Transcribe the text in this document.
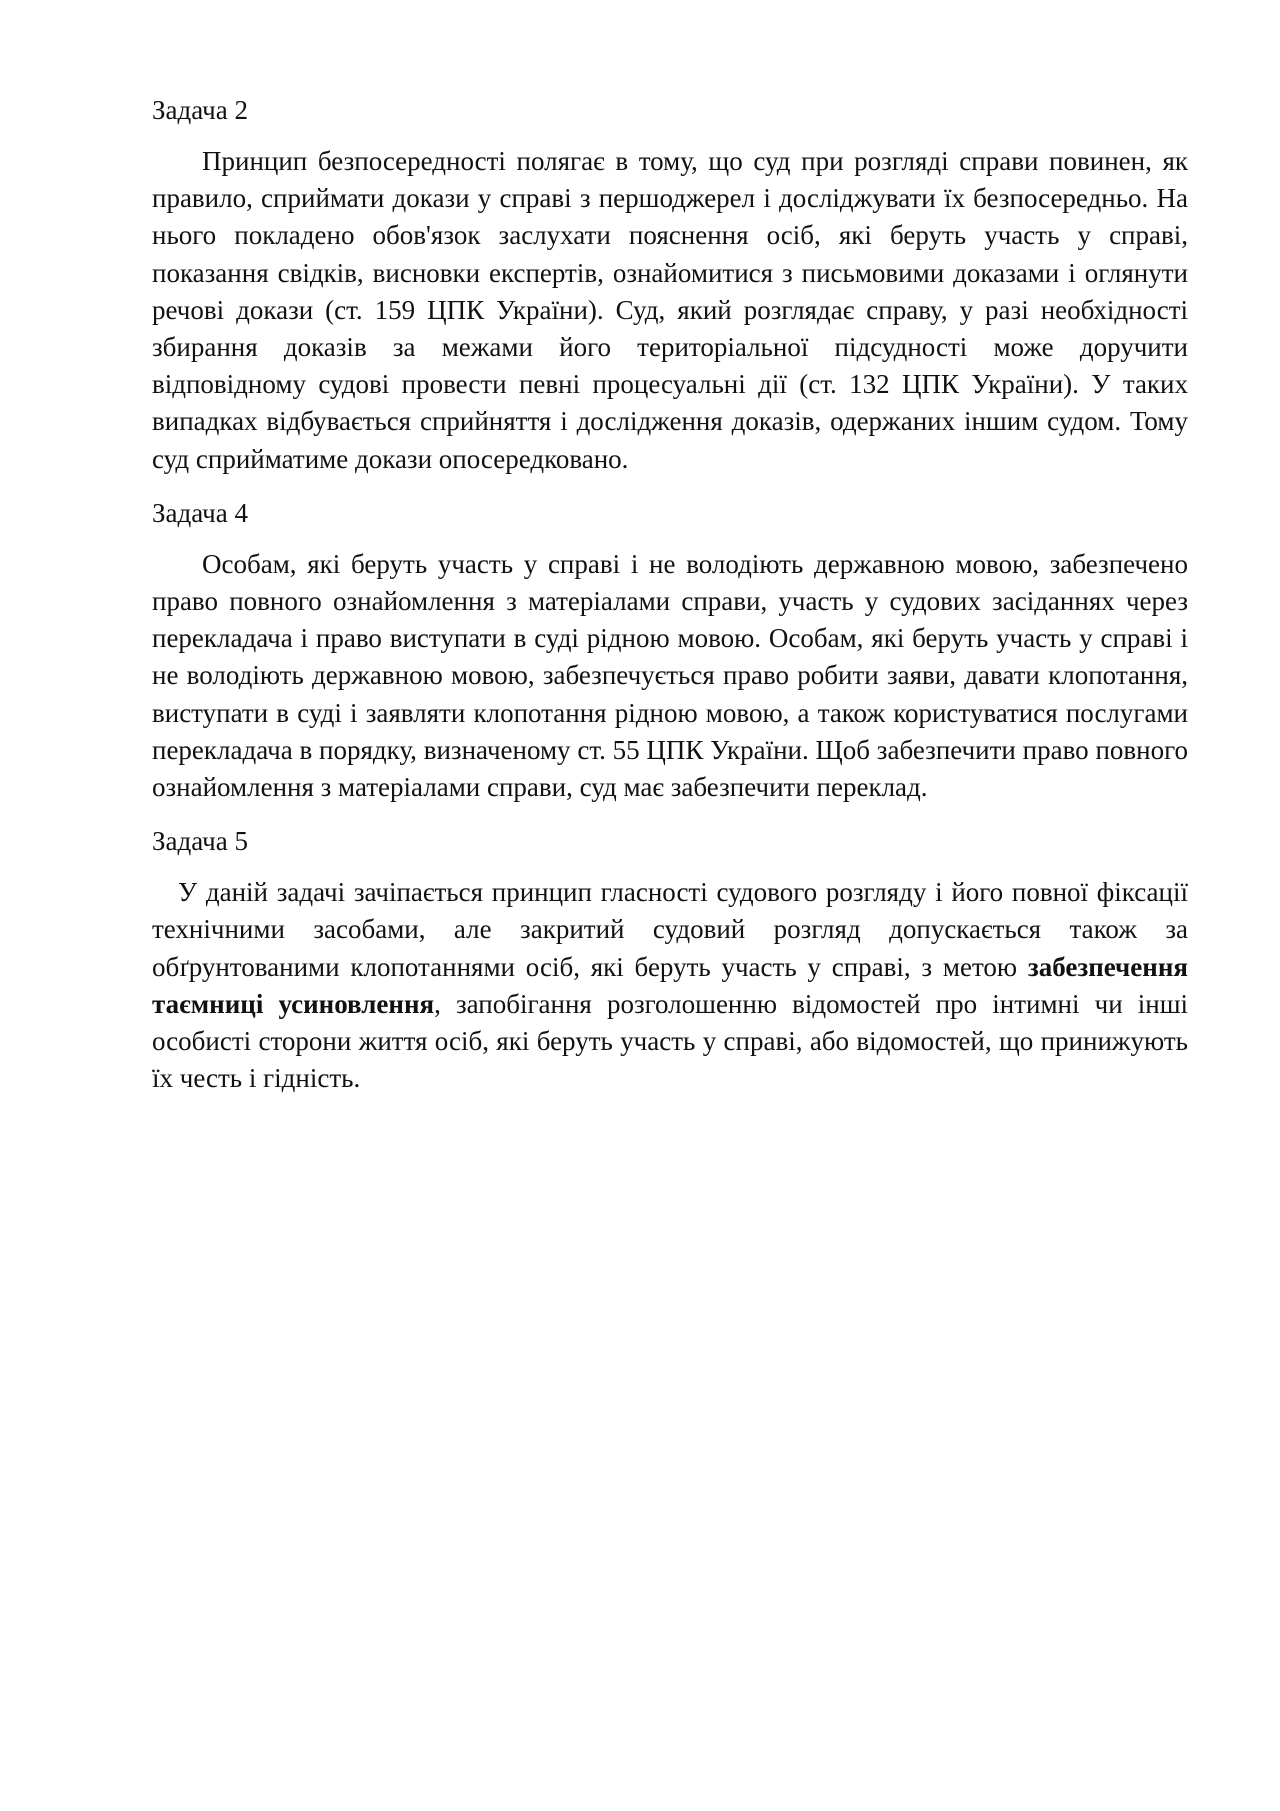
Задача 2

Принцип безпосередності полягає в тому, що суд при розгляді справи повинен, як правило, сприймати докази у справі з першоджерел і досліджувати їх безпосередньо. На нього покладено обов'язок заслухати пояснення осіб, які беруть участь у справі, показання свідків, висновки експертів, ознайомитися з письмовими доказами і оглянути речові докази (ст. 159 ЦПК України). Суд, який розглядає справу, у разі необхідності збирання доказів за межами його територіальної підсудності може доручити відповідному судові провести певні процесуальні дії (ст. 132 ЦПК України). У таких випадках відбувається сприйняття і дослідження доказів, одержаних іншим судом. Тому суд сприйматиме докази опосередковано.

Задача 4

Особам, які беруть участь у справі і не володіють державною мовою, забезпечено право повного ознайомлення з матеріалами справи, участь у судових засіданнях через перекладача і право виступати в суді рідною мовою. Особам, які беруть участь у справі і не володіють державною мовою, забезпечується право робити заяви, давати клопотання, виступати в суді і заявляти клопотання рідною мовою, а також користуватися послугами перекладача в порядку, визначеному ст. 55 ЦПК України. Щоб забезпечити право повного ознайомлення з матеріалами справи, суд має забезпечити переклад.

Задача 5

У даній задачі зачіпається принцип гласності судового розгляду і його повної фіксації технічними засобами, але закритий судовий розгляд допускається також за обґрунтованими клопотаннями осіб, які беруть участь у справі, з метою забезпечення таємниці усиновлення, запобігання розголошенню відомостей про інтимні чи інші особисті сторони життя осіб, які беруть участь у справі, або відомостей, що принижують їх честь і гідність.
